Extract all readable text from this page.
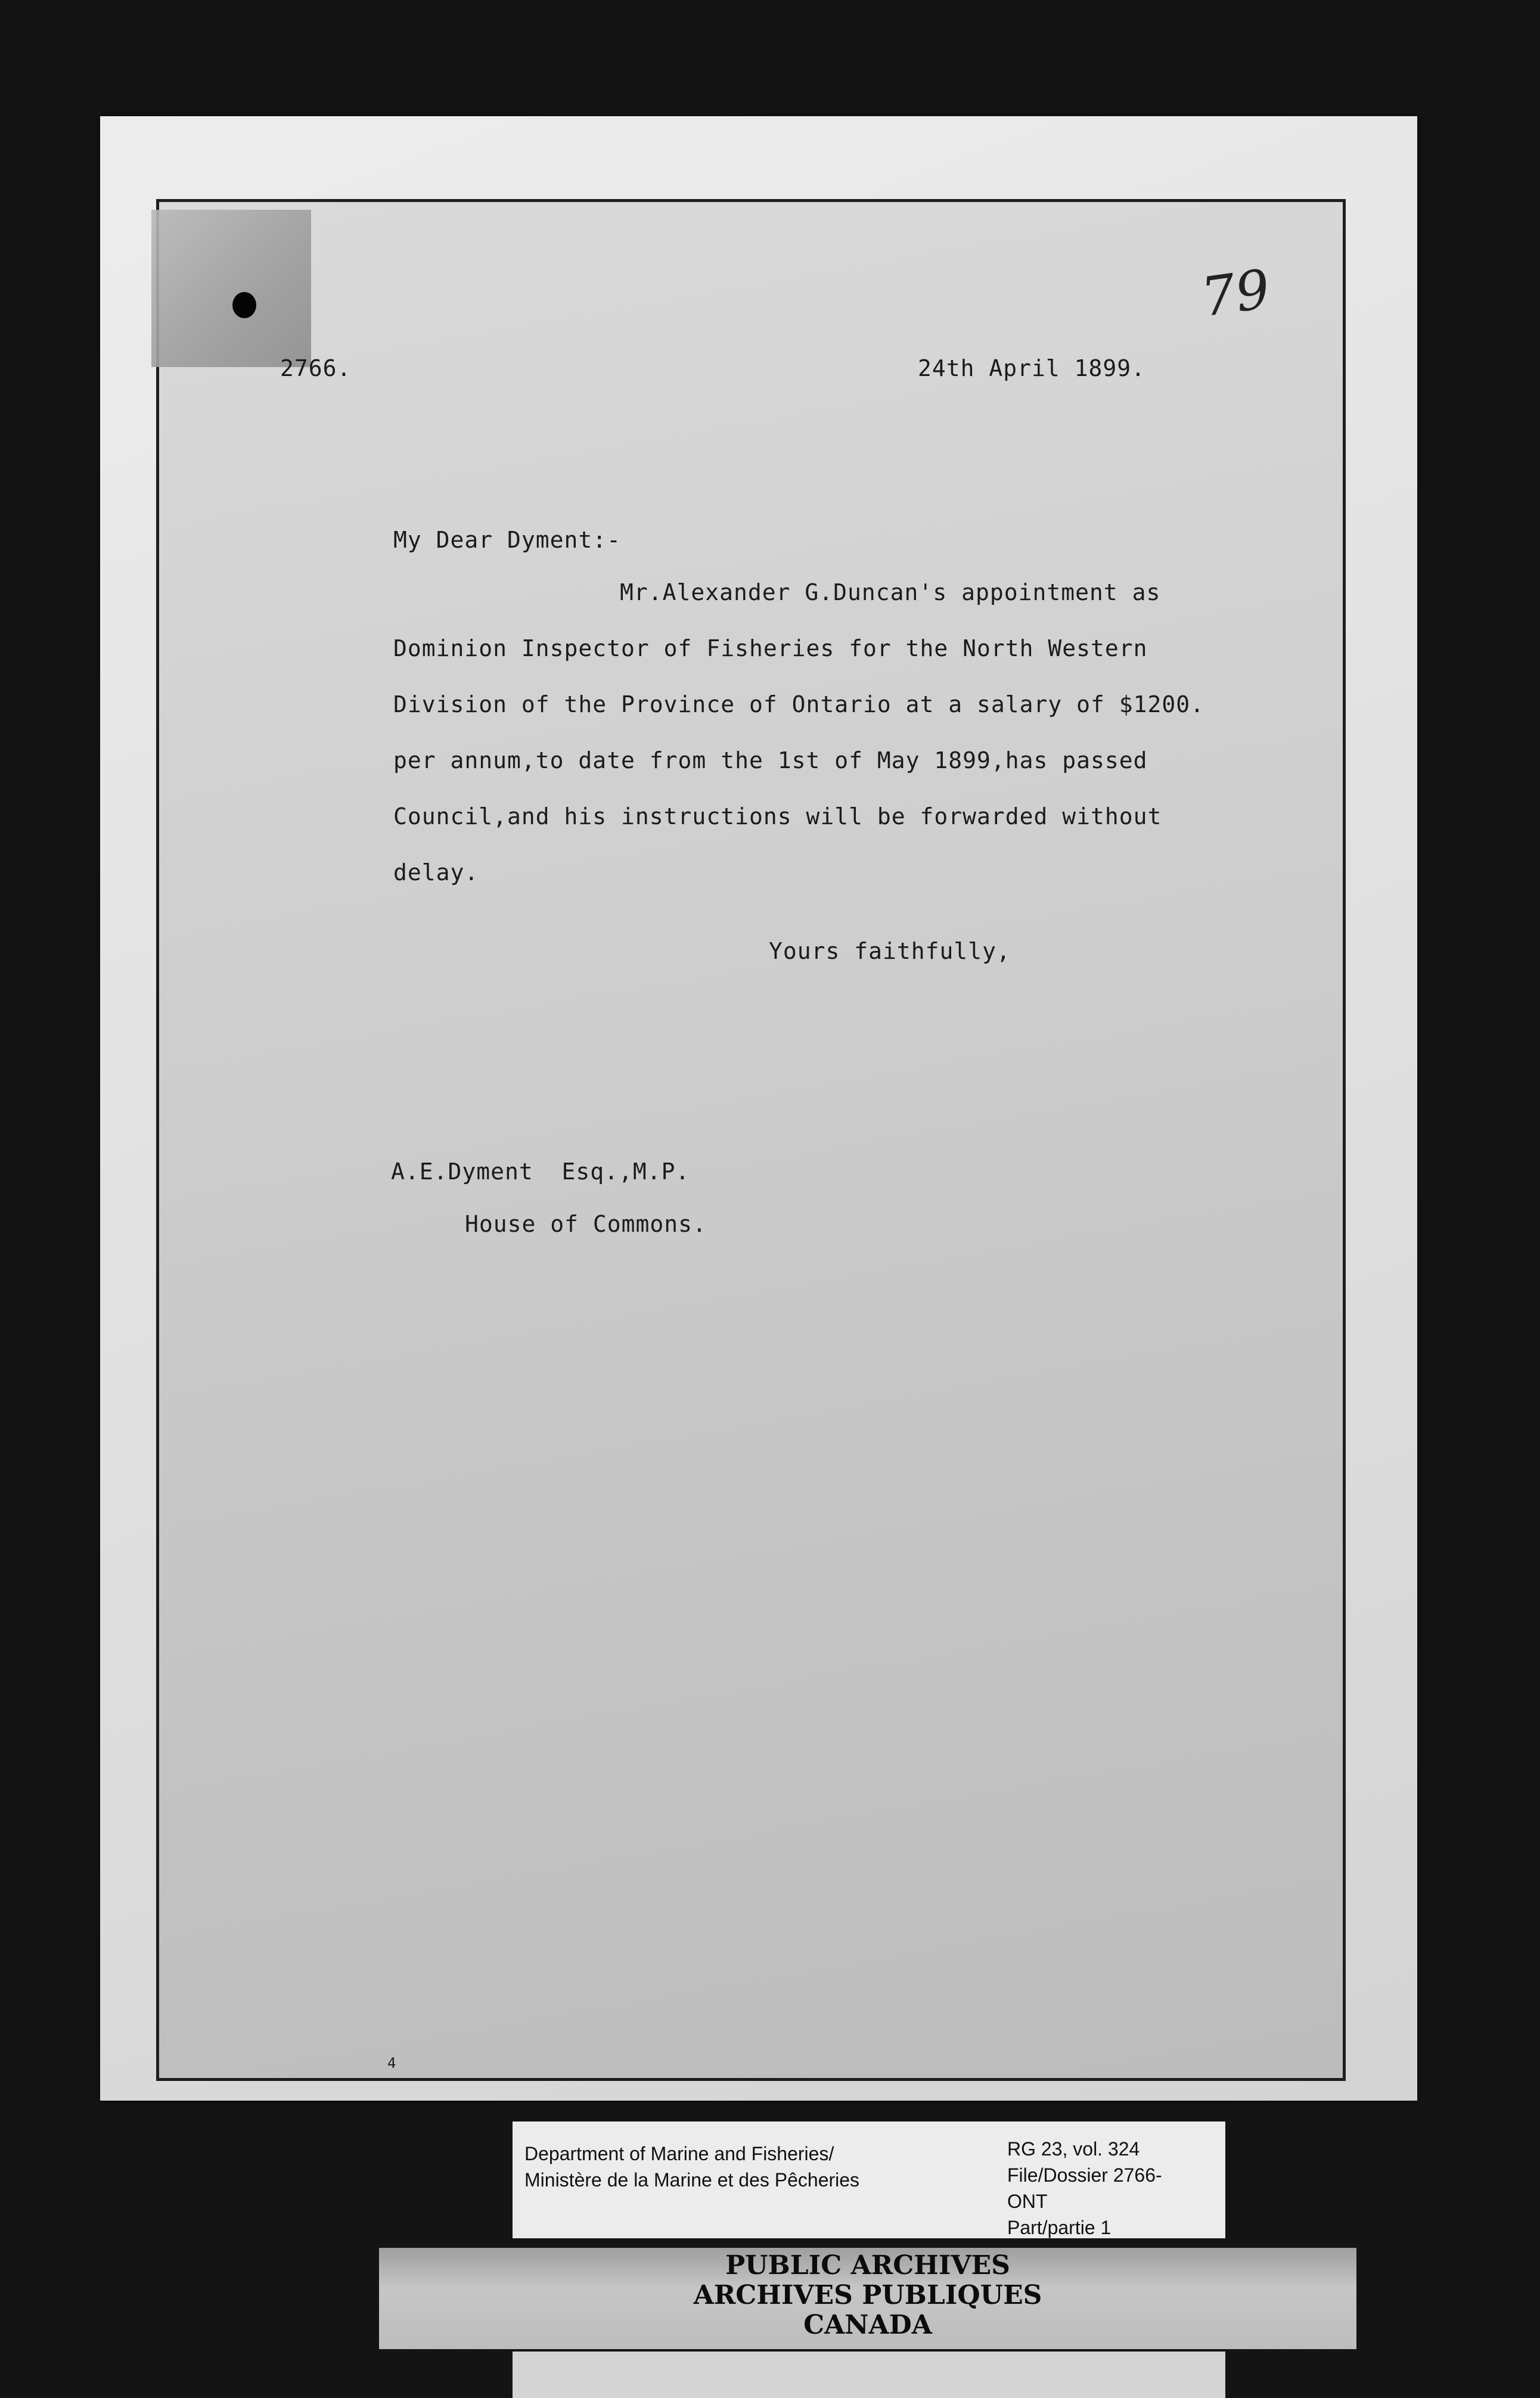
2766.	24th April 1899.
79
My Dear Dyment:-
Mr.Alexander G.Duncan's appointment as
Dominion Inspector of Fisheries for the North Western
Division of the Province of Ontario at a salary of $1200.
per annum,to date from the 1st of May 1899,has passed
Council,and his instructions will be forwarded without
delay.
Yours faithfully,
A.E.Dyment  Esq.,M.P.
House of Commons.
4
Department of Marine and Fisheries/
Ministère de la Marine et des Pêcheries
RG 23, vol. 324
File/Dossier 2766-
ONT
Part/partie 1
PUBLIC ARCHIVES
ARCHIVES PUBLIQUES
CANADA
